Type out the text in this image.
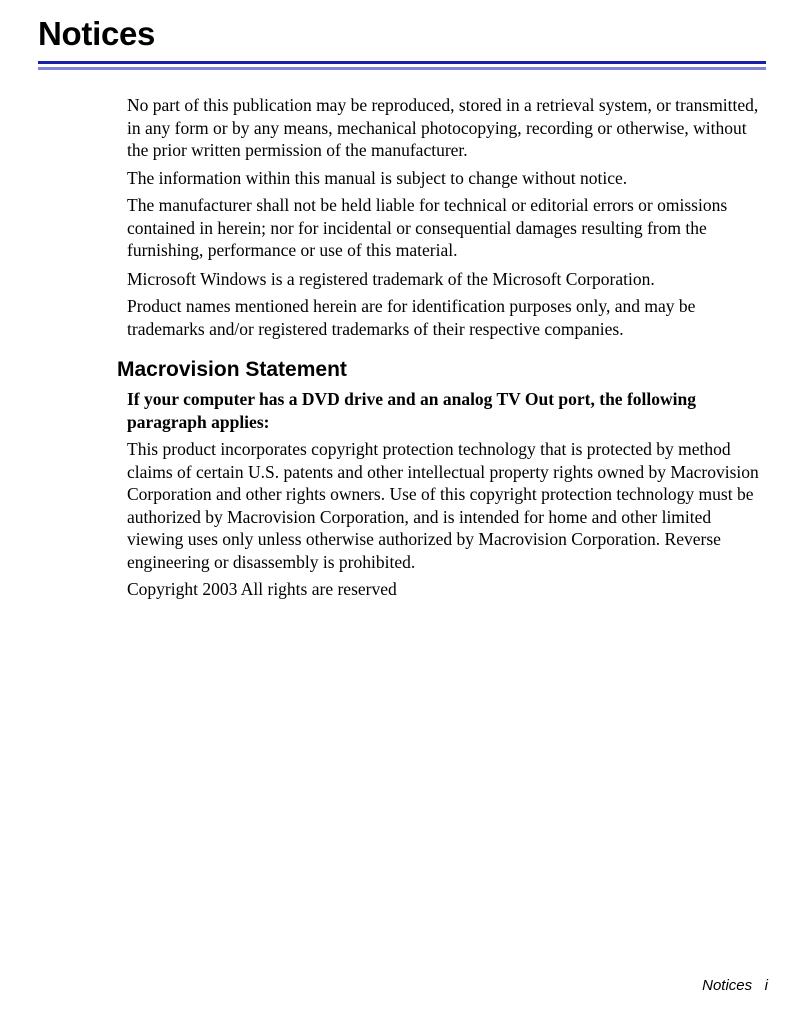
Notices

No part of this publication may be reproduced, stored in a retrieval system, or transmitted, in any form or by any means, mechanical photocopying, recording or otherwise, without the prior written permission of the manufacturer.

The information within this manual is subject to change without notice.

The manufacturer shall not be held liable for technical or editorial errors or omissions contained in herein; nor for incidental or consequential damages resulting from the furnishing, performance or use of this material.

Microsoft Windows is a registered trademark of the Microsoft Corporation.

Product names mentioned herein are for identification purposes only, and may be trademarks and/or registered trademarks of their respective companies.

Macrovision Statement

If your computer has a DVD drive and an analog TV Out port, the following paragraph applies:

This product incorporates copyright protection technology that is protected by method claims of certain U.S. patents and other intellectual property rights owned by Macrovision Corporation and other rights owners. Use of this copyright protection technology must be authorized by Macrovision Corporation, and is intended for home and other limited viewing uses only unless otherwise authorized by Macrovision Corporation. Reverse engineering or disassembly is prohibited.

Copyright 2003 All rights are reserved

Notices i
